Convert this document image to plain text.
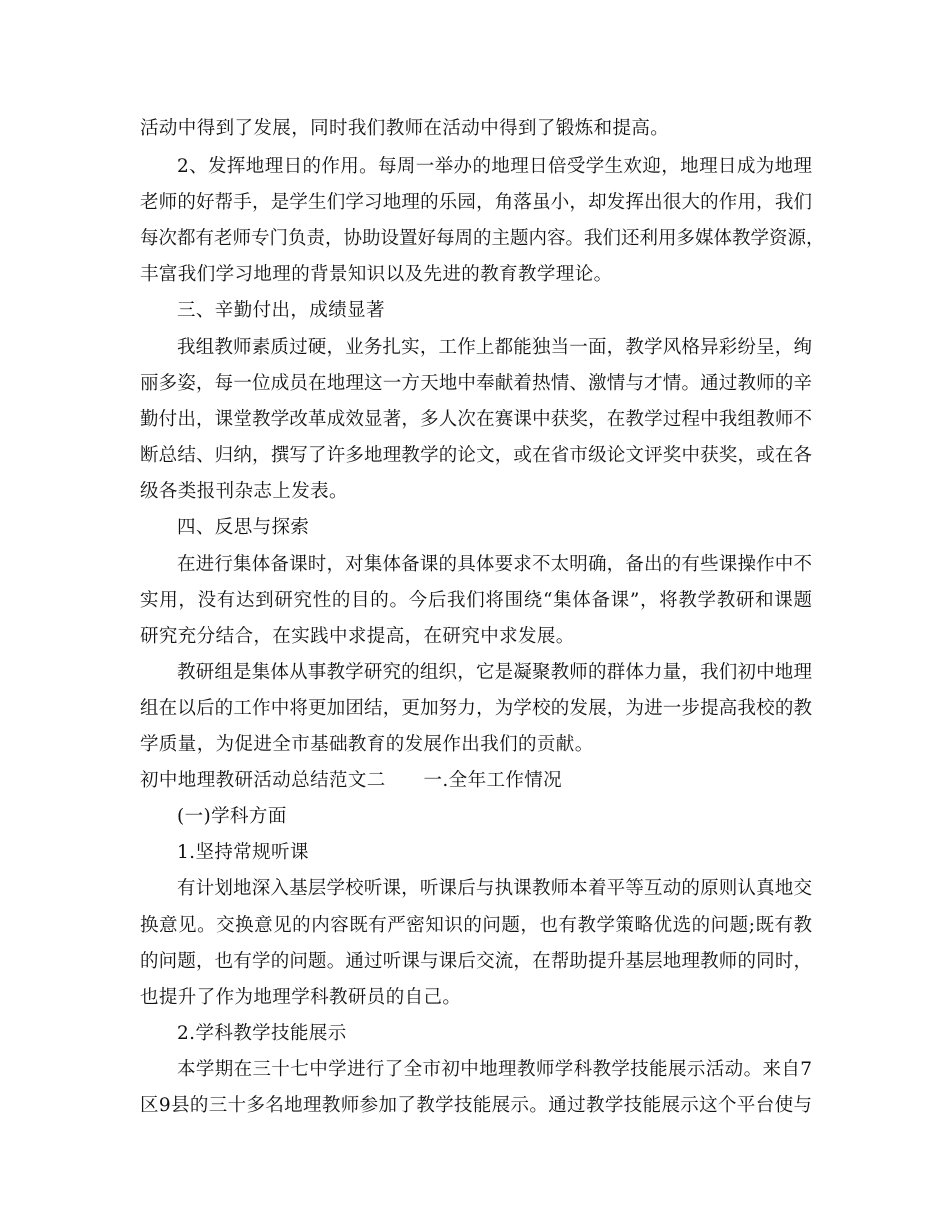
活动中得到了发展，同时我们教师在活动中得到了锻炼和提高。
2、发挥地理日的作用。每周一举办的地理日倍受学生欢迎，地理日成为地理
老师的好帮手，是学生们学习地理的乐园，角落虽小，却发挥出很大的作用，我们
每次都有老师专门负责，协助设置好每周的主题内容。我们还利用多媒体教学资源，
丰富我们学习地理的背景知识以及先进的教育教学理论。
三、辛勤付出，成绩显著
我组教师素质过硬，业务扎实，工作上都能独当一面，教学风格异彩纷呈，绚
丽多姿，每一位成员在地理这一方天地中奉献着热情、激情与才情。通过教师的辛
勤付出，课堂教学改革成效显著，多人次在赛课中获奖，在教学过程中我组教师不
断总结、归纳，撰写了许多地理教学的论文，或在省市级论文评奖中获奖，或在各
级各类报刊杂志上发表。
四、反思与探索
在进行集体备课时，对集体备课的具体要求不太明确，备出的有些课操作中不
实用，没有达到研究性的目的。今后我们将围绕“集体备课”，将教学教研和课题
研究充分结合，在实践中求提高，在研究中求发展。
教研组是集体从事教学研究的组织，它是凝聚教师的群体力量，我们初中地理
组在以后的工作中将更加团结，更加努力，为学校的发展，为进一步提高我校的教
学质量，为促进全市基础教育的发展作出我们的贡献。
初中地理教研活动总结范文二　　一.全年工作情况
(一)学科方面
1.坚持常规听课
有计划地深入基层学校听课，听课后与执课教师本着平等互动的原则认真地交
换意见。交换意见的内容既有严密知识的问题，也有教学策略优选的问题;既有教
的问题，也有学的问题。通过听课与课后交流，在帮助提升基层地理教师的同时，
也提升了作为地理学科教研员的自己。
2.学科教学技能展示
本学期在三十七中学进行了全市初中地理教师学科教学技能展示活动。来自7
区9县的三十多名地理教师参加了教学技能展示。通过教学技能展示这个平台使与
